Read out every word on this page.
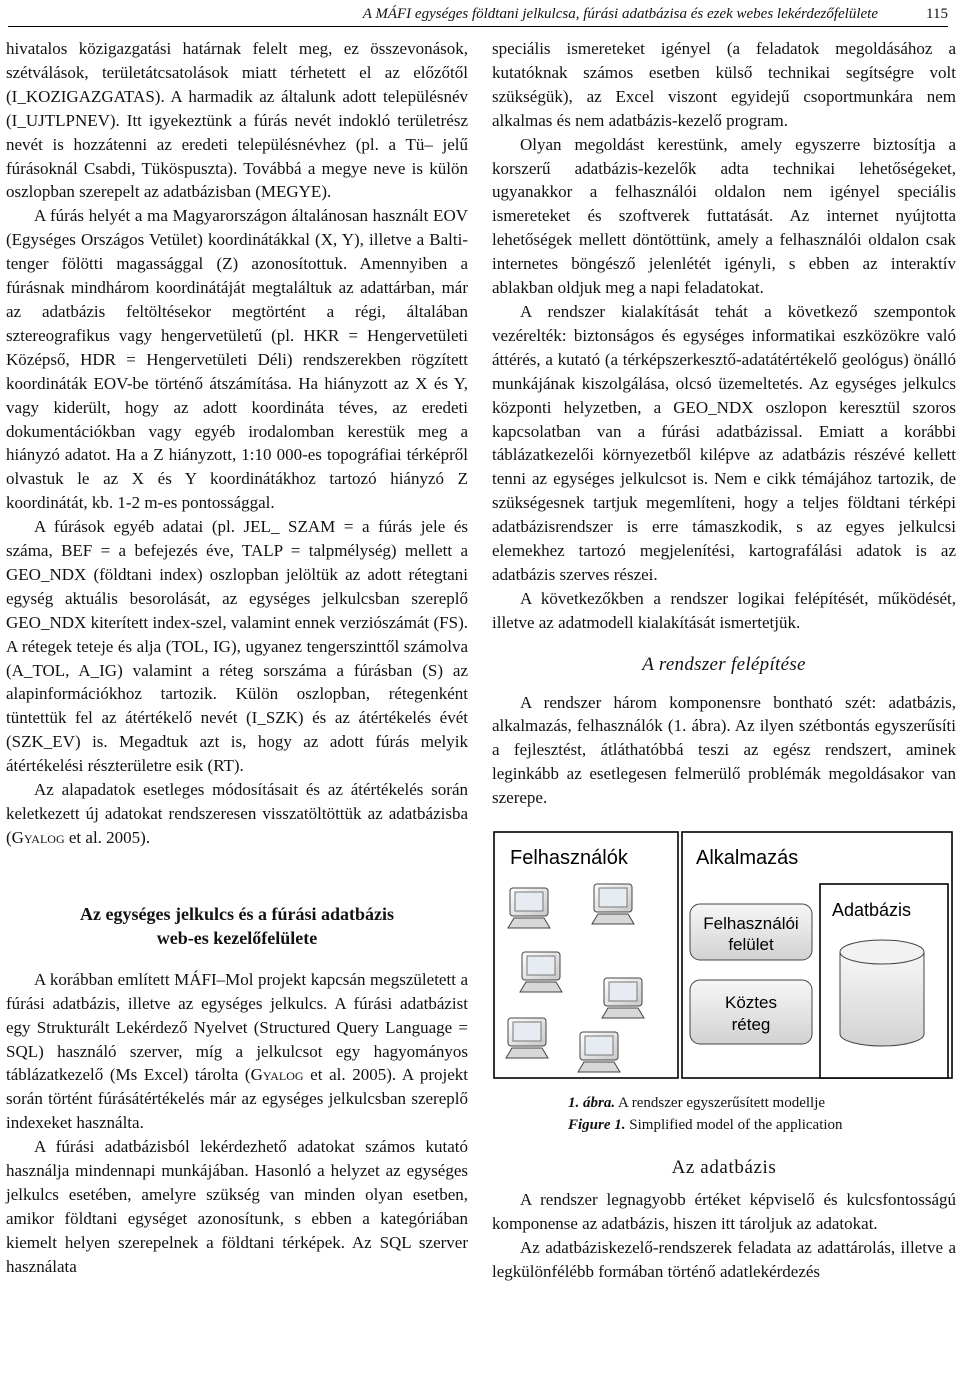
A MÁFI egységes földtani jelkulcsa, fúrási adatbázisa és ezek webes lekérdezőfelülete	115

hivatalos közigazgatási határnak felelt meg, ez összevonások, szétválások, területátcsatolások miatt térhetett el az előzőtől (I_KOZIGAZGATAS). A harmadik az általunk adott településnév (I_UJTLPNEV). Itt igyekeztünk a fúrás nevét indokló területrész nevét is hozzátenni az eredeti településnévhez (pl. a Tü– jelű fúrásoknál Csabdi, Tüköspuszta). Továbbá a megye neve is külön oszlopban szerepelt az adatbázisban (MEGYE).

A fúrás helyét a ma Magyarországon általánosan használt EOV (Egységes Országos Vetület) koordinátákkal (X, Y), illetve a Balti-tenger fölötti magassággal (Z) azonosítottuk. Amennyiben a fúrásnak mindhárom koordinátáját megtaláltuk az adattárban, már az adatbázis feltöltésekor megtörtént a régi, általában sztereografikus vagy hengervetületű (pl. HKR = Hengervetületi Középső, HDR = Hengervetületi Déli) rendszerekben rögzített koordináták EOV-be történő átszámítása. Ha hiányzott az X és Y, vagy kiderült, hogy az adott koordináta téves, az eredeti dokumentációkban vagy egyéb irodalomban kerestük meg a hiányzó adatot. Ha a Z hiányzott, 1:10 000-es topográfiai térképről olvastuk le az X és Y koordinátákhoz tartozó hiányzó Z koordinátát, kb. 1-2 m-es pontossággal.

A fúrások egyéb adatai (pl. JEL_ SZAM = a fúrás jele és száma, BEF = a befejezés éve, TALP = talpmélység) mellett a GEO_NDX (földtani index) oszlopban jelöltük az adott rétegtani egység aktuális besorolását, az egységes jelkulcsban szereplő GEO_NDX kiterített index-szel, valamint ennek verziószámát (FS). A rétegek teteje és alja (TOL, IG), ugyanez tengerszinttől számolva (A_TOL, A_IG) valamint a réteg sorszáma a fúrásban (S) az alapinformációkhoz tartozik. Külön oszlopban, rétegenként tüntettük fel az átértékelő nevét (I_SZK) és az átértékelés évét (SZK_EV) is. Megadtuk azt is, hogy az adott fúrás melyik átértékelési részterületre esik (RT).

Az alapadatok esetleges módosításait és az átértékelés során keletkezett új adatokat rendszeresen visszatöltöttük az adatbázisba (Gyalog et al. 2005).

Az egységes jelkulcs és a fúrási adatbázis
web-es kezelőfelülete

A korábban említett MÁFI–Mol projekt kapcsán megszületett a fúrási adatbázis, illetve az egységes jelkulcs. A fúrási adatbázist egy Strukturált Lekérdező Nyelvet (Structured Query Language = SQL) használó szerver, míg a jelkulcsot egy hagyományos táblázatkezelő (Ms Excel) tárolta (Gyalog et al. 2005). A projekt során történt fúrásátértékelés már az egységes jelkulcsban szereplő indexeket használta.

A fúrási adatbázisból lekérdezhető adatokat számos kutató használja mindennapi munkájában. Hasonló a helyzet az egységes jelkulcs esetében, amelyre szükség van minden olyan esetben, amikor földtani egységet azonosítunk, s ebben a kategóriában kiemelt helyen szerepelnek a földtani térképek. Az SQL szerver használata

speciális ismereteket igényel (a feladatok megoldásához a kutatóknak számos esetben külső technikai segítségre volt szükségük), az Excel viszont egyidejű csoportmunkára nem alkalmas és nem adatbázis-kezelő program.

Olyan megoldást kerestünk, amely egyszerre biztosítja a korszerű adatbázis-kezelők adta technikai lehetőségeket, ugyanakkor a felhasználói oldalon nem igényel speciális ismereteket és szoftverek futtatását. Az internet nyújtotta lehetőségek mellett döntöttünk, amely a felhasználói oldalon csak internetes böngésző jelenlétét igényli, s ebben az interaktív ablakban oldjuk meg a napi feladatokat.

A rendszer kialakítását tehát a következő szempontok vezérelték: biztonságos és egységes informatikai eszközökre való áttérés, a kutató (a térképszerkesztő-adatátértékelő geológus) önálló munkájának kiszolgálása, olcsó üzemeltetés. Az egységes jelkulcs központi helyzetben, a GEO_NDX oszlopon keresztül szoros kapcsolatban van a fúrási adatbázissal. Emiatt a korábbi táblázatkezelői környezetből kilépve az adatbázis részévé kellett tenni az egységes jelkulcsot is. Nem e cikk témájához tartozik, de szükségesnek tartjuk megemlíteni, hogy a teljes földtani térképi adatbázisrendszer is erre támaszkodik, s az egyes jelkulcsi elemekhez tartozó megjelenítési, kartografálási adatok is az adatbázis szerves részei.

A következőkben a rendszer logikai felépítését, működését, illetve az adatmodell kialakítását ismertetjük.

A rendszer felépítése

A rendszer három komponensre bontható szét: adatbázis, alkalmazás, felhasználók (1. ábra). Az ilyen szétbontás egyszerűsíti a fejlesztést, átláthatóbbá teszi az egész rendszert, aminek leginkább az esetlegesen felmerülő problémák megoldásakor van szerepe.

Felhasználók	Alkalmazás
Felhasználói
felület
Köztes
réteg
Adatbázis
1. ábra. A rendszer egyszerűsített modellje
Figure 1. Simplified model of the application
Az adatbázis

A rendszer legnagyobb értéket képviselő és kulcsfontosságú komponense az adatbázis, hiszen itt tároljuk az adatokat.

Az adatbáziskezelő-rendszerek feladata az adattárolás, illetve a legkülönfélébb formában történő adatlekérdezés
